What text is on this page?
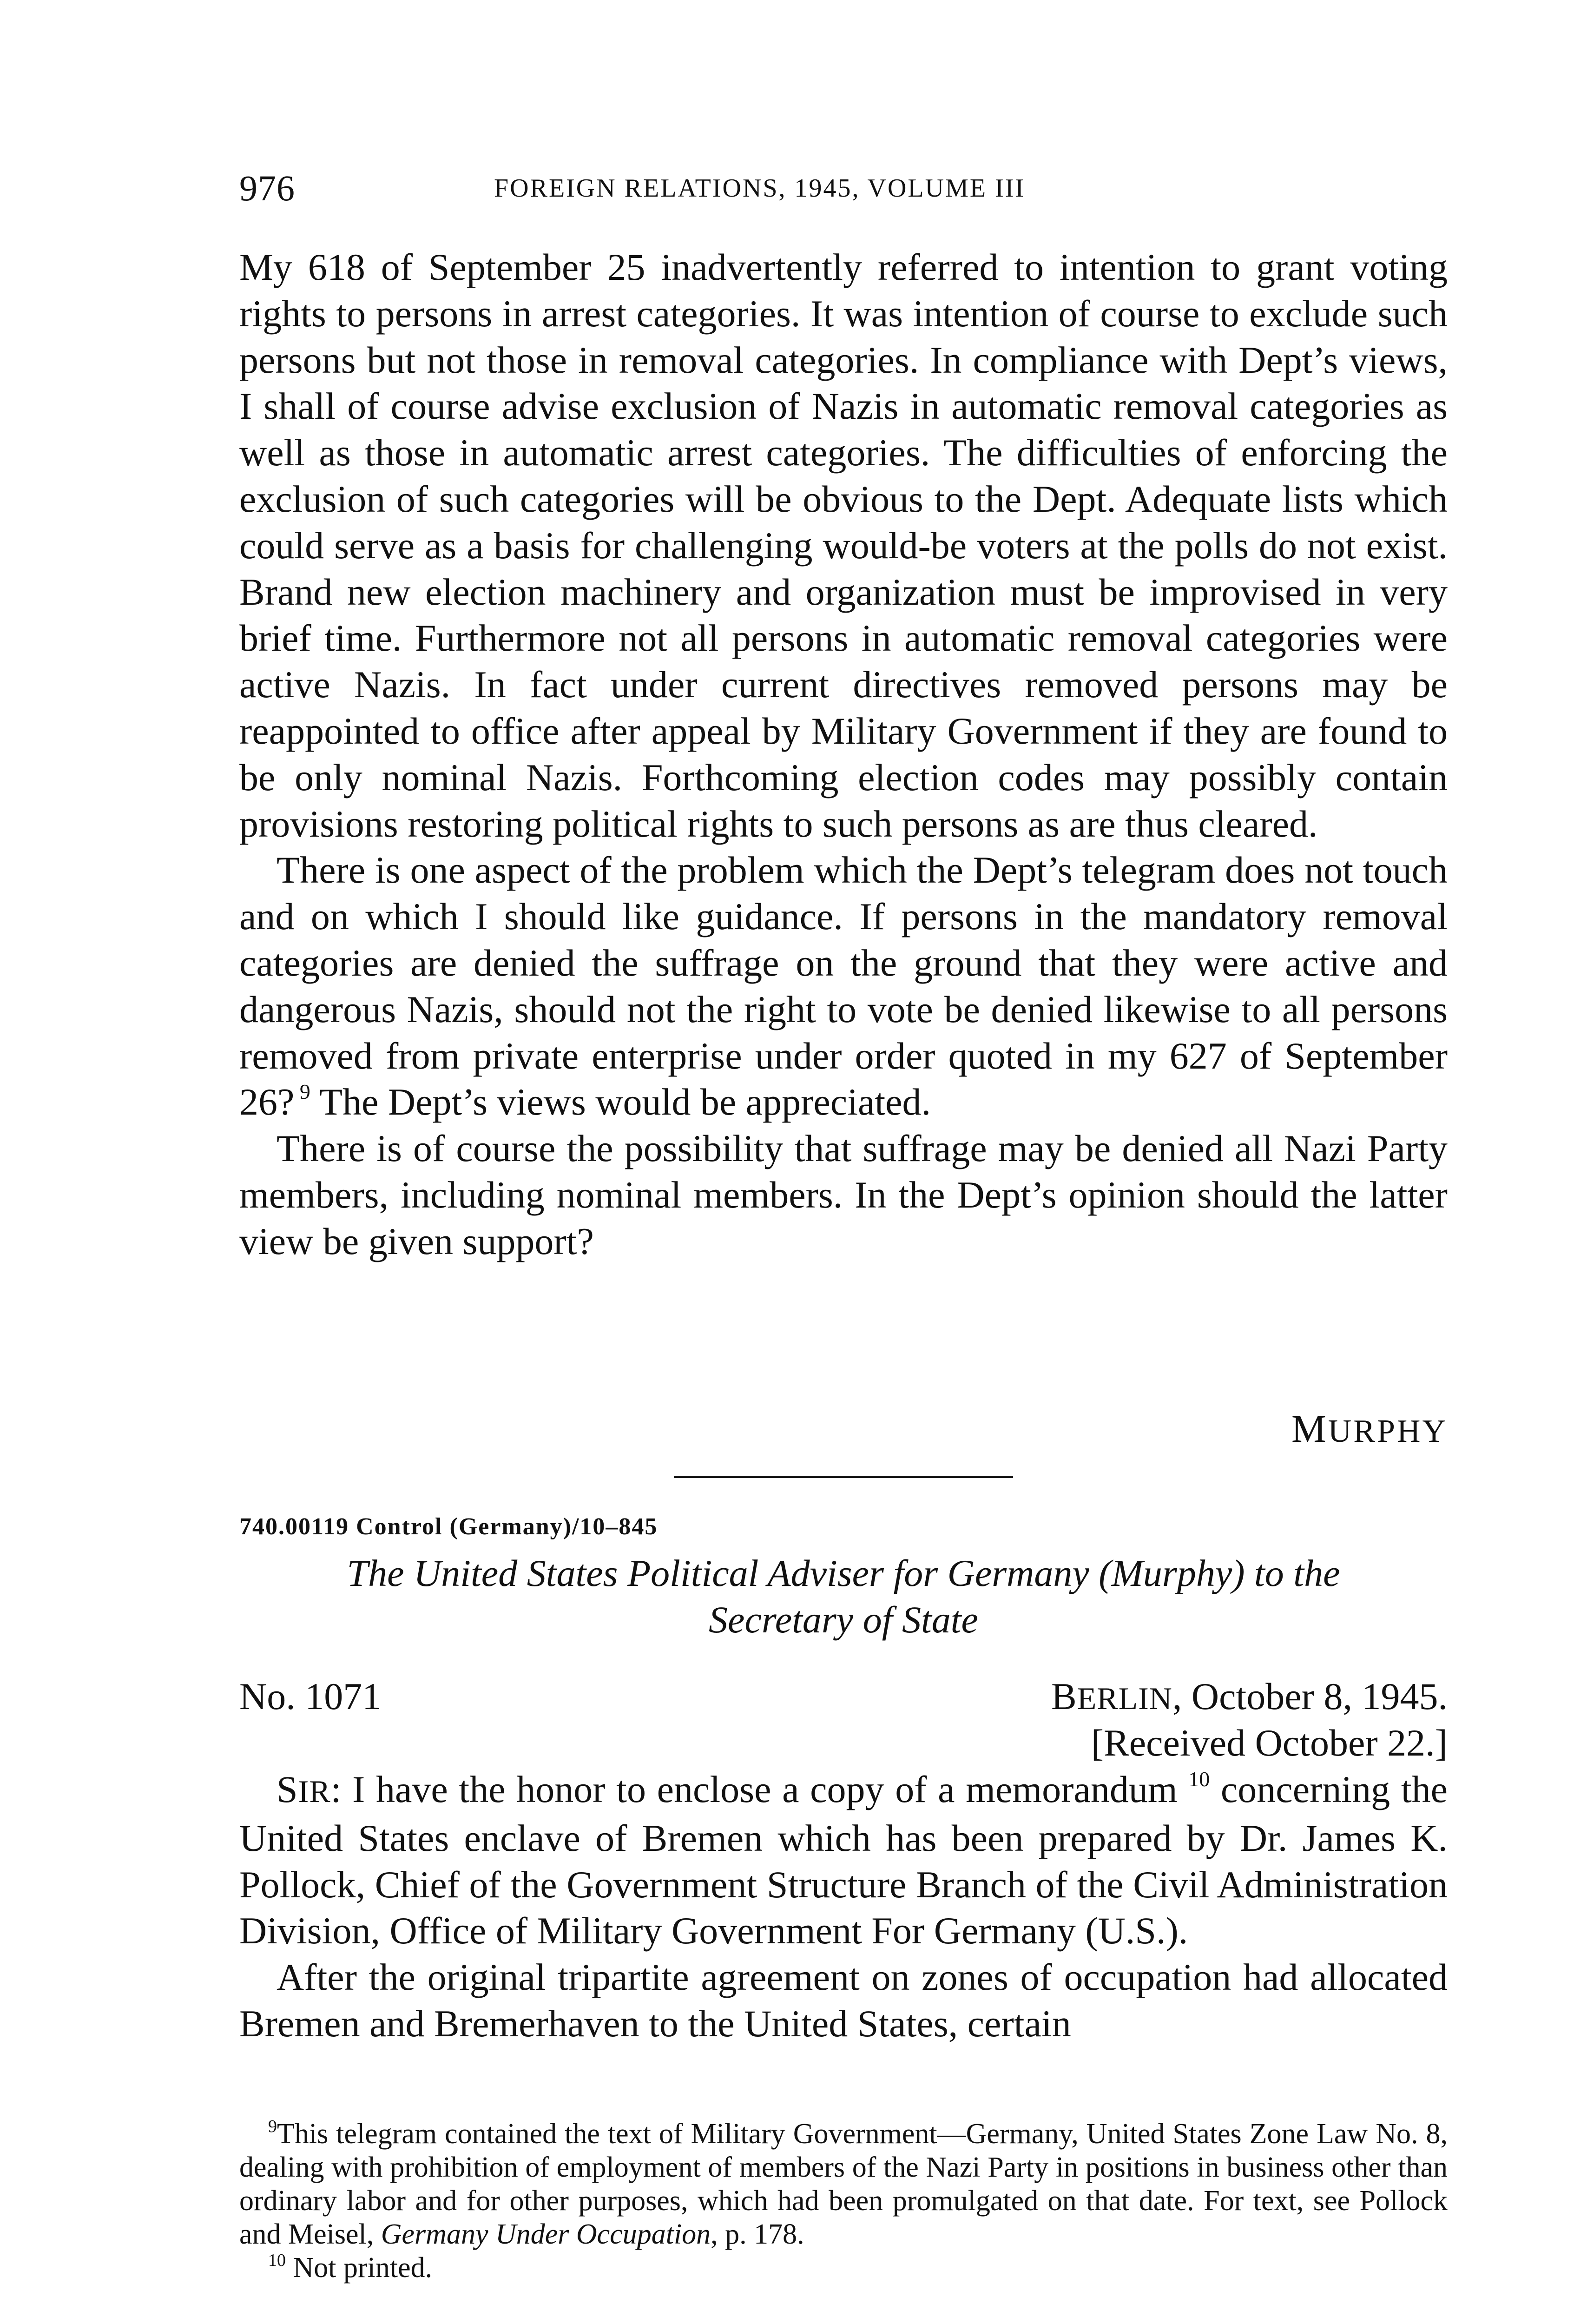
976	FOREIGN RELATIONS, 1945, VOLUME III

My 618 of September 25 inadvertently referred to intention to grant voting rights to persons in arrest categories. It was intention of course to exclude such persons but not those in removal categories. In compliance with Dept’s views, I shall of course advise exclusion of Nazis in automatic removal categories as well as those in automatic arrest categories. The difficulties of enforcing the exclusion of such categories will be obvious to the Dept. Adequate lists which could serve as a basis for challenging would-be voters at the polls do not exist. Brand new election machinery and organization must be improvised in very brief time. Furthermore not all persons in automatic removal categories were active Nazis. In fact under current directives removed persons may be reappointed to office after appeal by Military Government if they are found to be only nominal Nazis. Forthcoming election codes may possibly contain provisions restoring political rights to such persons as are thus cleared.

There is one aspect of the problem which the Dept’s telegram does not touch and on which I should like guidance. If persons in the mandatory removal categories are denied the suffrage on the ground that they were active and dangerous Nazis, should not the right to vote be denied likewise to all persons removed from private enterprise under order quoted in my 627 of September 26? $^9$ The Dept’s views would be appreciated.

There is of course the possibility that suffrage may be denied all Nazi Party members, including nominal members. In the Dept’s opinion should the latter view be given support?

MURPHY
740.00119 Control (Germany)/10–845
The United States Political Adviser for Germany (Murphy) to the
Secretary of State
No. 1071	BERLIN, October 8, 1945.
[Received October 22.]

SIR: I have the honor to enclose a copy of a memorandum $^{10}$ concerning the United States enclave of Bremen which has been prepared by Dr. James K. Pollock, Chief of the Government Structure Branch of the Civil Administration Division, Office of Military Government For Germany (U.S.).

After the original tripartite agreement on zones of occupation had allocated Bremen and Bremerhaven to the United States, certain

$^9$This telegram contained the text of Military Government—Germany, United States Zone Law No. 8, dealing with prohibition of employment of members of the Nazi Party in positions in business other than ordinary labor and for other purposes, which had been promulgated on that date. For text, see Pollock and Meisel, Germany Under Occupation, p. 178.

$^{10}$ Not printed.
